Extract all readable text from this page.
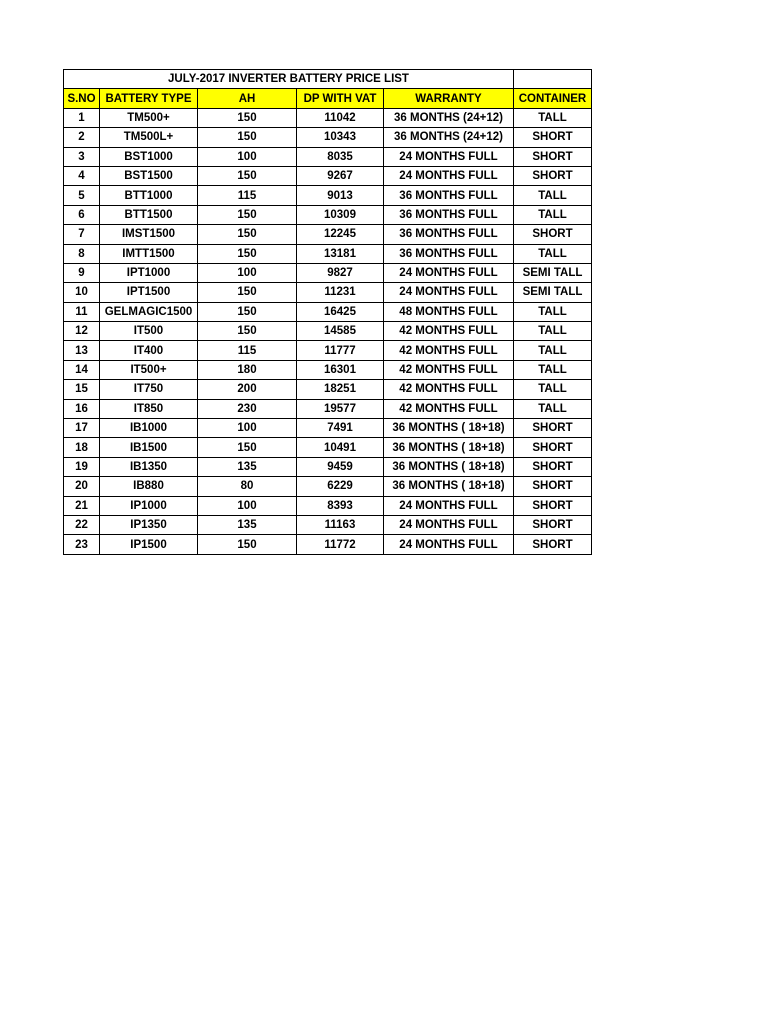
JULY-2017 INVERTER BATTERY PRICE LIST					
S.NO	BATTERY TYPE	AH	DP WITH VAT	WARRANTY	CONTAINER
1	TM500+	150	11042	36 MONTHS (24+12)	TALL
2	TM500L+	150	10343	36 MONTHS (24+12)	SHORT
3	BST1000	100	8035	24 MONTHS FULL	SHORT
4	BST1500	150	9267	24 MONTHS FULL	SHORT
5	BTT1000	115	9013	36 MONTHS FULL	TALL
6	BTT1500	150	10309	36 MONTHS FULL	TALL
7	IMST1500	150	12245	36 MONTHS FULL	SHORT
8	IMTT1500	150	13181	36 MONTHS FULL	TALL
9	IPT1000	100	9827	24 MONTHS FULL	SEMI TALL
10	IPT1500	150	11231	24 MONTHS FULL	SEMI TALL
11	GELMAGIC1500	150	16425	48 MONTHS FULL	TALL
12	IT500	150	14585	42 MONTHS FULL	TALL
13	IT400	115	11777	42 MONTHS FULL	TALL
14	IT500+	180	16301	42 MONTHS FULL	TALL
15	IT750	200	18251	42 MONTHS FULL	TALL
16	IT850	230	19577	42 MONTHS FULL	TALL
17	IB1000	100	7491	36 MONTHS ( 18+18)	SHORT
18	IB1500	150	10491	36 MONTHS ( 18+18)	SHORT
19	IB1350	135	9459	36 MONTHS ( 18+18)	SHORT
20	IB880	80	6229	36 MONTHS ( 18+18)	SHORT
21	IP1000	100	8393	24 MONTHS FULL	SHORT
22	IP1350	135	11163	24 MONTHS FULL	SHORT
23	IP1500	150	11772	24 MONTHS FULL	SHORT
